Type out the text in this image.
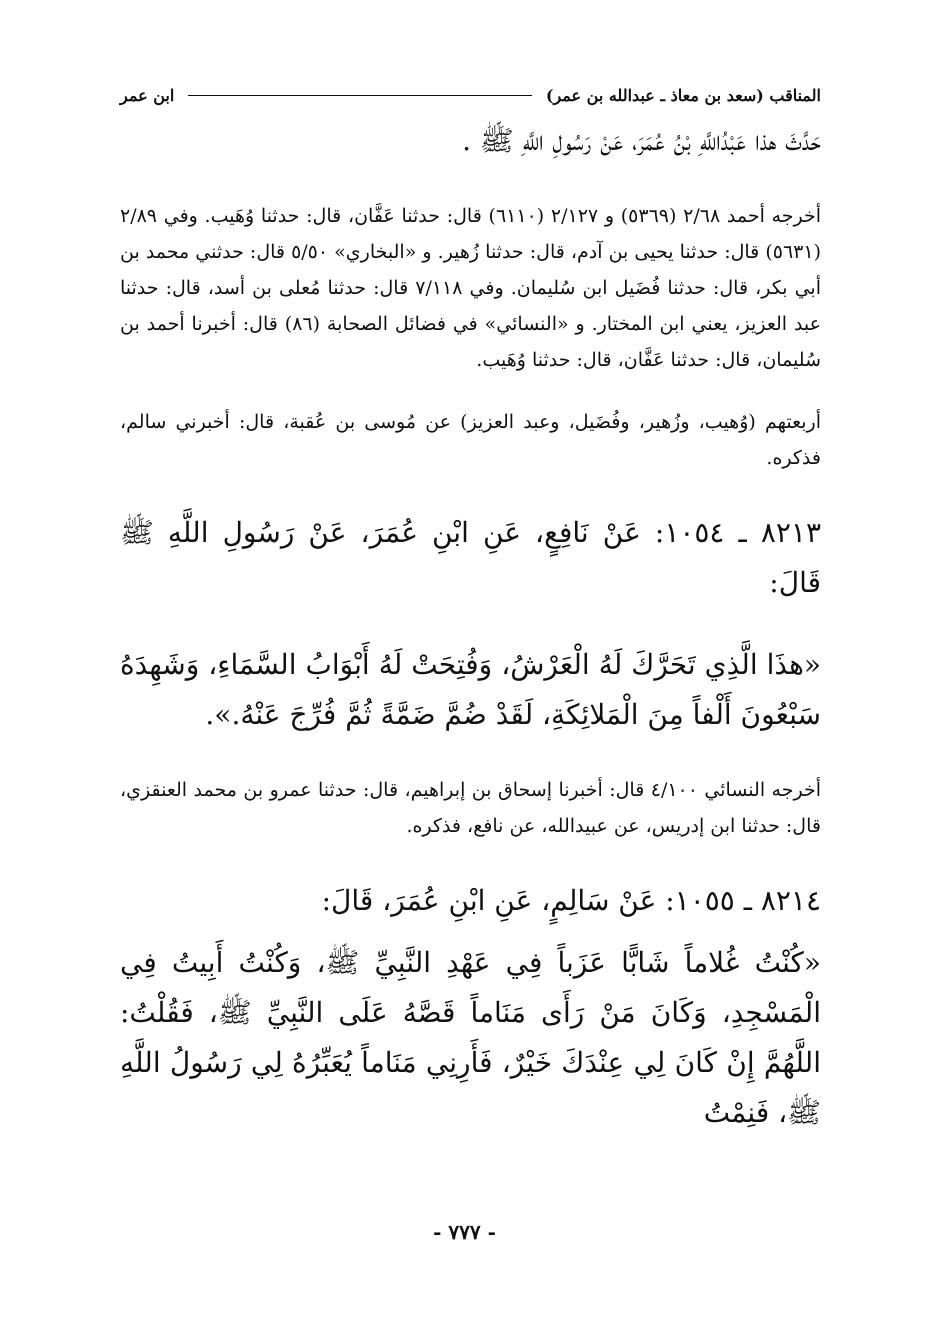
المناقب (سعد بن معاذ ـ عبدالله بن عمر)
ابن عمر

حَدَّثَ هذا عَبْدُاللَّهِ بْنُ عُمَرَ، عَنْ رَسُولِ اللَّهِ ﷺ .

أخرجه أحمد ٢/٦٨ (٥٣٦٩) و ٢/١٢٧ (٦١١٠) قال: حدثنا عَفَّان، قال: حدثنا وُهَيب. وفي ٢/٨٩ (٥٦٣١) قال: حدثنا يحيى بن آدم، قال: حدثنا زُهير. و «البخاري» ٥/٥٠ قال: حدثني محمد بن أبي بكر، قال: حدثنا فُضَيل ابن سُليمان. وفي ٧/١١٨ قال: حدثنا مُعلى بن أسد، قال: حدثنا عبد العزيز، يعني ابن المختار. و «النسائي» في فضائل الصحابة (٨٦) قال: أخبرنا أحمد بن سُليمان، قال: حدثنا عَفَّان، قال: حدثنا وُهَيب.

أربعتهم (وُهيب، وزُهير، وفُضَيل، وعبد العزيز) عن مُوسى بن عُقبة، قال: أخبرني سالم، فذكره.

٨٢١٣ ـ ١٠٥٤: عَنْ نَافِعٍ، عَنِ ابْنِ عُمَرَ، عَنْ رَسُولِ اللَّهِ ﷺ قَالَ:

«هذَا الَّذِي تَحَرَّكَ لَهُ الْعَرْشُ، وَفُتِحَتْ لَهُ أَبْوَابُ السَّمَاءِ، وَشَهِدَهُ سَبْعُونَ أَلْفاً مِنَ الْمَلائِكَةِ، لَقَدْ ضُمَّ ضَمَّةً ثُمَّ فُرِّجَ عَنْهُ.».

أخرجه النسائي ٤/١٠٠ قال: أخبرنا إسحاق بن إبراهيم، قال: حدثنا عمرو بن محمد العنقزي، قال: حدثنا ابن إدريس، عن عبيدالله، عن نافع، فذكره.

٨٢١٤ ـ ١٠٥٥: عَنْ سَالِمٍ، عَنِ ابْنِ عُمَرَ، قَالَ:

«كُنْتُ غُلاماً شَابًّا عَزَباً فِي عَهْدِ النَّبِيِّ ﷺ، وَكُنْتُ أَبِيتُ فِي الْمَسْجِدِ، وَكَانَ مَنْ رَأَى مَنَاماً قَصَّهُ عَلَى النَّبِيِّ ﷺ، فَقُلْتُ: اللَّهُمَّ إِنْ كَانَ لِي عِنْدَكَ خَيْرٌ، فَأَرِنِي مَنَاماً يُعَبِّرُهُ لِي رَسُولُ اللَّهِ ﷺ، فَنِمْتُ

- ٧٧٧ -
